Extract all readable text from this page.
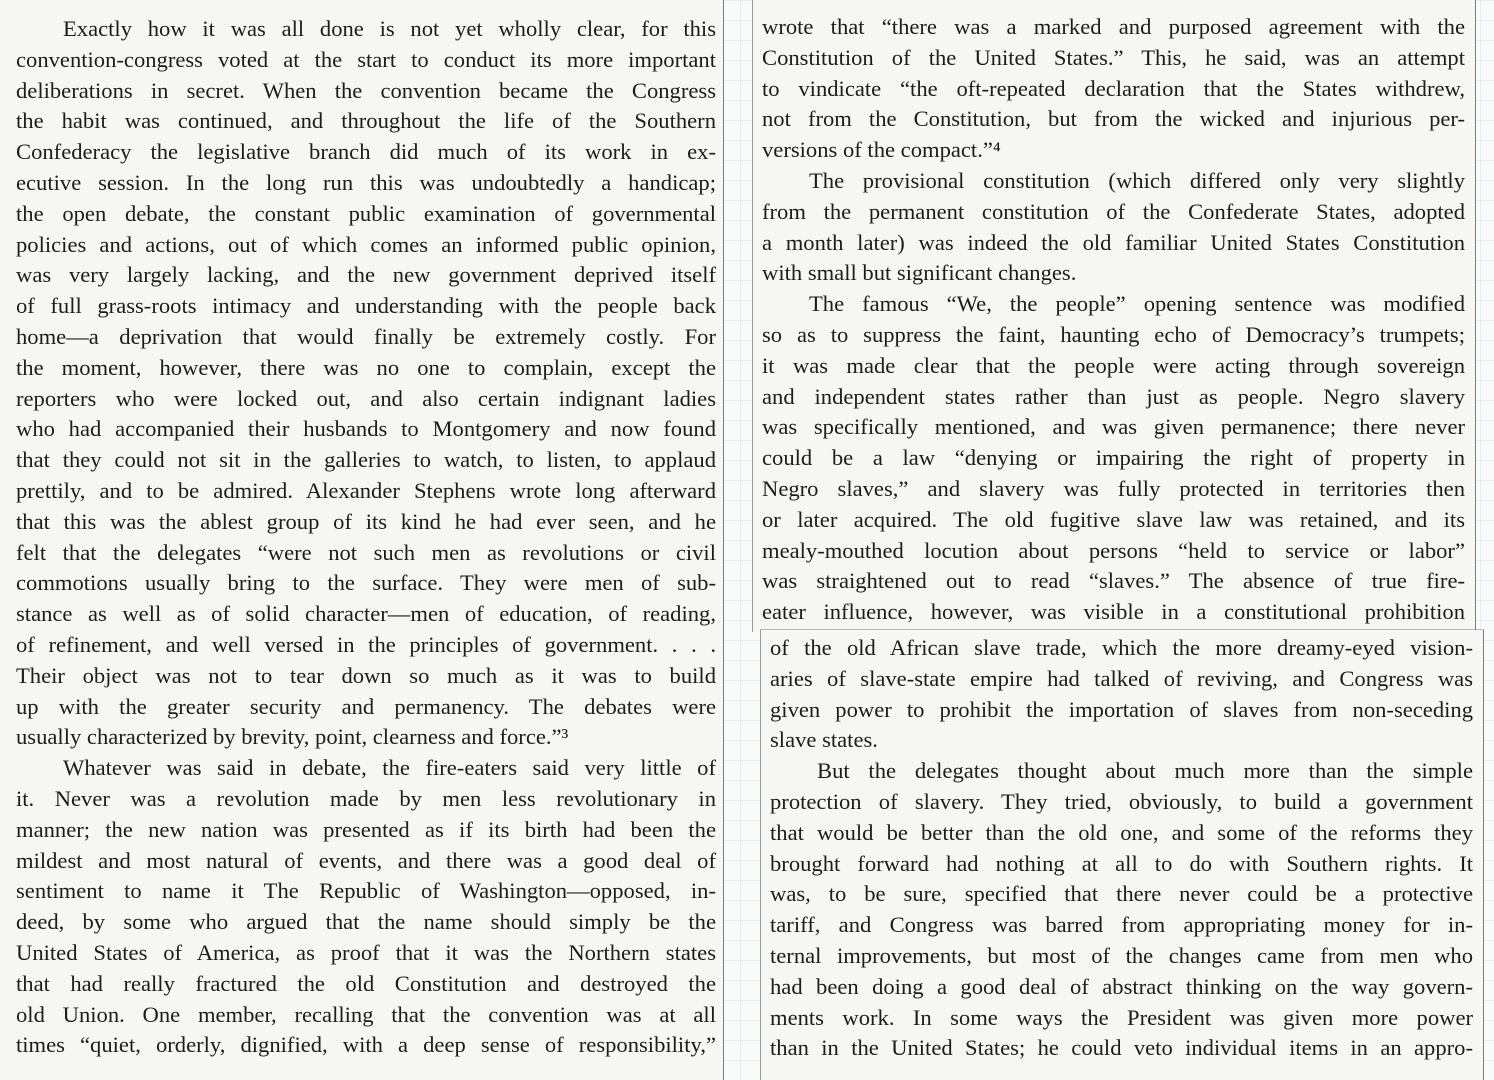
Exactly how it was all done is not yet wholly clear, for this
convention-congress voted at the start to conduct its more important
deliberations in secret. When the convention became the Congress
the habit was continued, and throughout the life of the Southern
Confederacy the legislative branch did much of its work in ex-
ecutive session. In the long run this was undoubtedly a handicap;
the open debate, the constant public examination of governmental
policies and actions, out of which comes an informed public opinion,
was very largely lacking, and the new government deprived itself
of full grass-roots intimacy and understanding with the people back
home—a deprivation that would finally be extremely costly. For
the moment, however, there was no one to complain, except the
reporters who were locked out, and also certain indignant ladies
who had accompanied their husbands to Montgomery and now found
that they could not sit in the galleries to watch, to listen, to applaud
prettily, and to be admired. Alexander Stephens wrote long afterward
that this was the ablest group of its kind he had ever seen, and he
felt that the delegates “were not such men as revolutions or civil
commotions usually bring to the surface. They were men of sub-
stance as well as of solid character—men of education, of reading,
of refinement, and well versed in the principles of government. . . .
Their object was not to tear down so much as it was to build
up with the greater security and permanency. The debates were
usually characterized by brevity, point, clearness and force.”³
Whatever was said in debate, the fire-eaters said very little of
it. Never was a revolution made by men less revolutionary in
manner; the new nation was presented as if its birth had been the
mildest and most natural of events, and there was a good deal of
sentiment to name it The Republic of Washington—opposed, in-
deed, by some who argued that the name should simply be the
United States of America, as proof that it was the Northern states
that had really fractured the old Constitution and destroyed the
old Union. One member, recalling that the convention was at all
times “quiet, orderly, dignified, with a deep sense of responsibility,”
wrote that “there was a marked and purposed agreement with the
Constitution of the United States.” This, he said, was an attempt
to vindicate “the oft-repeated declaration that the States withdrew,
not from the Constitution, but from the wicked and injurious per-
versions of the compact.”⁴
The provisional constitution (which differed only very slightly
from the permanent constitution of the Confederate States, adopted
a month later) was indeed the old familiar United States Constitution
with small but significant changes.
The famous “We, the people” opening sentence was modified
so as to suppress the faint, haunting echo of Democracy’s trumpets;
it was made clear that the people were acting through sovereign
and independent states rather than just as people. Negro slavery
was specifically mentioned, and was given permanence; there never
could be a law “denying or impairing the right of property in
Negro slaves,” and slavery was fully protected in territories then
or later acquired. The old fugitive slave law was retained, and its
mealy-mouthed locution about persons “held to service or labor”
was straightened out to read “slaves.” The absence of true fire-
eater influence, however, was visible in a constitutional prohibition
of the old African slave trade, which the more dreamy-eyed vision-
aries of slave-state empire had talked of reviving, and Congress was
given power to prohibit the importation of slaves from non-seceding
slave states.
But the delegates thought about much more than the simple
protection of slavery. They tried, obviously, to build a government
that would be better than the old one, and some of the reforms they
brought forward had nothing at all to do with Southern rights. It
was, to be sure, specified that there never could be a protective
tariff, and Congress was barred from appropriating money for in-
ternal improvements, but most of the changes came from men who
had been doing a good deal of abstract thinking on the way govern-
ments work. In some ways the President was given more power
than in the United States; he could veto individual items in an appro-
